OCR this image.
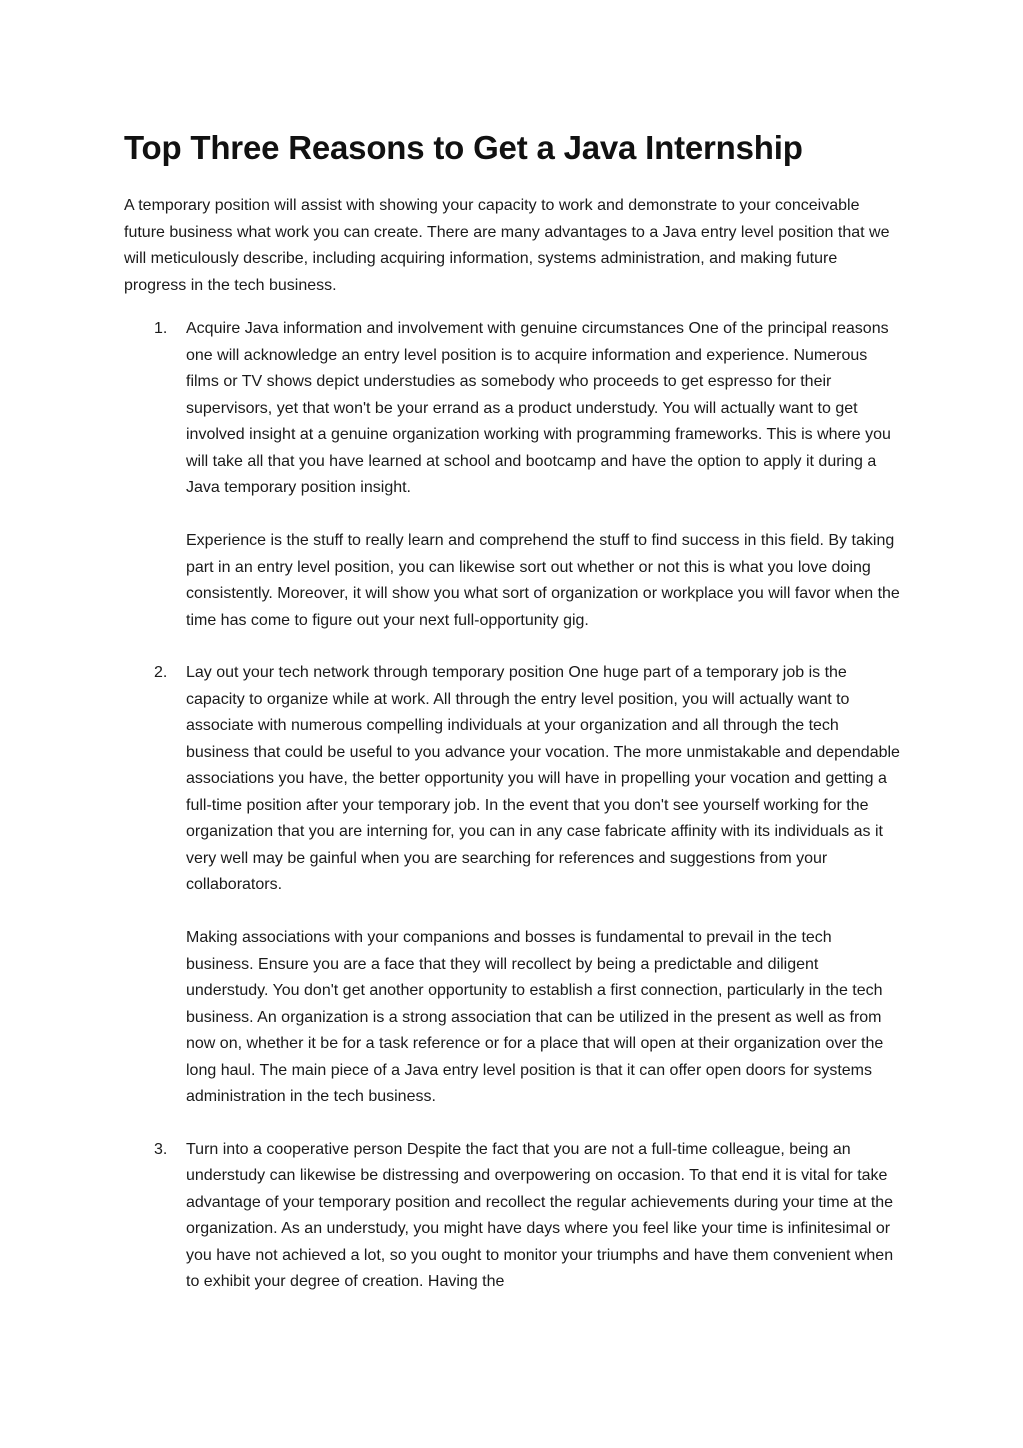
Top Three Reasons to Get a Java Internship

A temporary position will assist with showing your capacity to work and demonstrate to your conceivable future business what work you can create. There are many advantages to a Java entry level position that we will meticulously describe, including acquiring information, systems administration, and making future progress in the tech business.

1. Acquire Java information and involvement with genuine circumstances One of the principal reasons one will acknowledge an entry level position is to acquire information and experience. Numerous films or TV shows depict understudies as somebody who proceeds to get espresso for their supervisors, yet that won't be your errand as a product understudy. You will actually want to get involved insight at a genuine organization working with programming frameworks. This is where you will take all that you have learned at school and bootcamp and have the option to apply it during a Java temporary position insight.

Experience is the stuff to really learn and comprehend the stuff to find success in this field. By taking part in an entry level position, you can likewise sort out whether or not this is what you love doing consistently. Moreover, it will show you what sort of organization or workplace you will favor when the time has come to figure out your next full-opportunity gig.

2. Lay out your tech network through temporary position One huge part of a temporary job is the capacity to organize while at work. All through the entry level position, you will actually want to associate with numerous compelling individuals at your organization and all through the tech business that could be useful to you advance your vocation. The more unmistakable and dependable associations you have, the better opportunity you will have in propelling your vocation and getting a full-time position after your temporary job. In the event that you don't see yourself working for the organization that you are interning for, you can in any case fabricate affinity with its individuals as it very well may be gainful when you are searching for references and suggestions from your collaborators.

Making associations with your companions and bosses is fundamental to prevail in the tech business. Ensure you are a face that they will recollect by being a predictable and diligent understudy. You don't get another opportunity to establish a first connection, particularly in the tech business. An organization is a strong association that can be utilized in the present as well as from now on, whether it be for a task reference or for a place that will open at their organization over the long haul. The main piece of a Java entry level position is that it can offer open doors for systems administration in the tech business.

3. Turn into a cooperative person Despite the fact that you are not a full-time colleague, being an understudy can likewise be distressing and overpowering on occasion. To that end it is vital for take advantage of your temporary position and recollect the regular achievements during your time at the organization. As an understudy, you might have days where you feel like your time is infinitesimal or you have not achieved a lot, so you ought to monitor your triumphs and have them convenient when to exhibit your degree of creation. Having the
